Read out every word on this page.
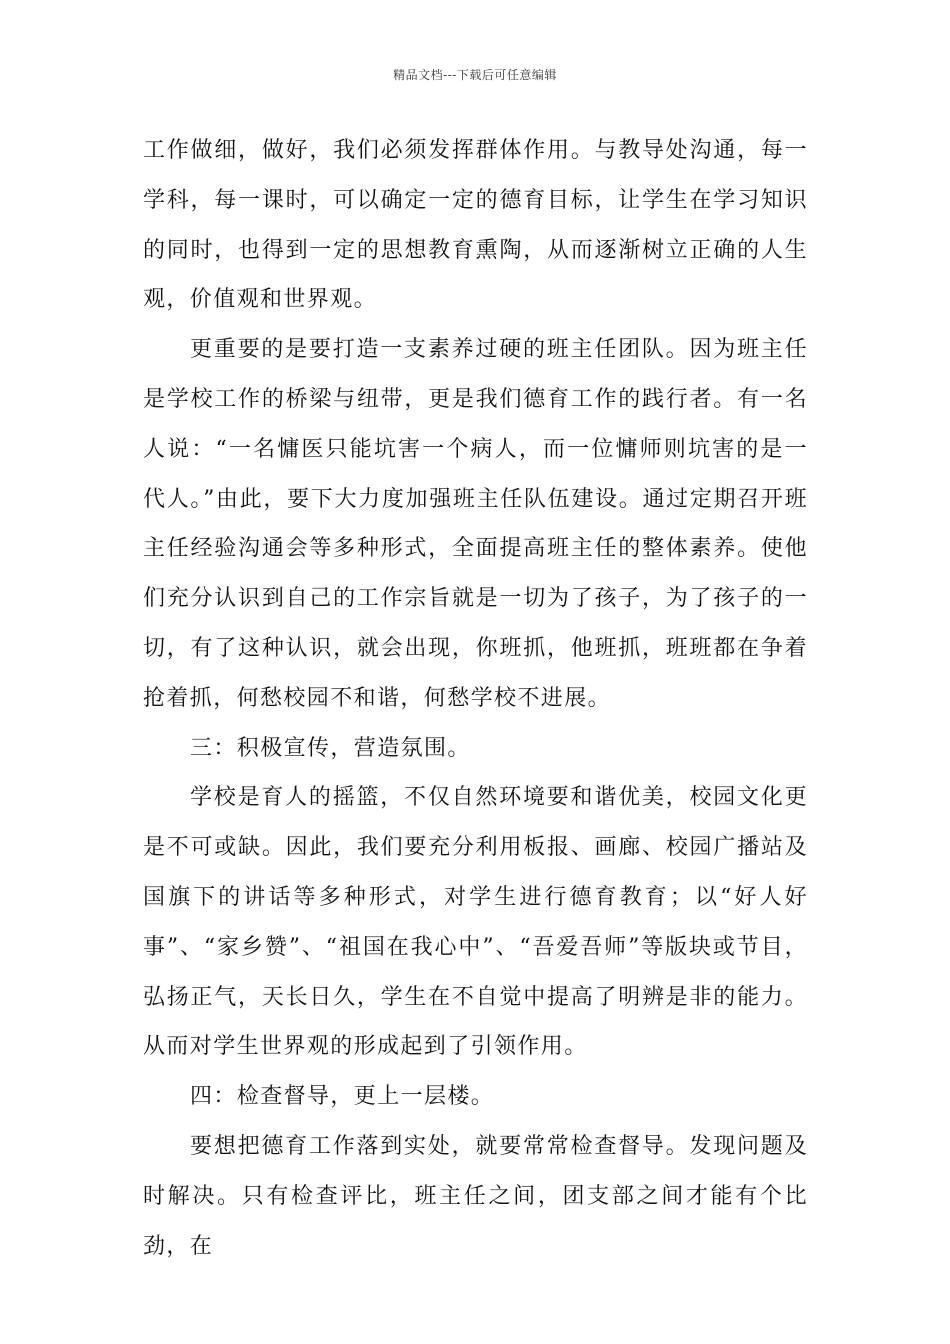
精品文档---下载后可任意编辑

工作做细，做好，我们必须发挥群体作用。与教导处沟通，每一学科，每一课时，可以确定一定的德育目标，让学生在学习知识的同时，也得到一定的思想教育熏陶，从而逐渐树立正确的人生观，价值观和世界观。

更重要的是要打造一支素养过硬的班主任团队。因为班主任是学校工作的桥梁与纽带，更是我们德育工作的践行者。有一名人说：“一名慵医只能坑害一个病人，而一位慵师则坑害的是一代人。”由此，要下大力度加强班主任队伍建设。通过定期召开班主任经验沟通会等多种形式，全面提高班主任的整体素养。使他们充分认识到自己的工作宗旨就是一切为了孩子，为了孩子的一切，有了这种认识，就会出现，你班抓，他班抓，班班都在争着抢着抓，何愁校园不和谐，何愁学校不进展。

三：积极宣传，营造氛围。

学校是育人的摇篮，不仅自然环境要和谐优美，校园文化更是不可或缺。因此，我们要充分利用板报、画廊、校园广播站及国旗下的讲话等多种形式，对学生进行德育教育；以“好人好事”、“家乡赞”、“祖国在我心中”、“吾爱吾师”等版块或节目，弘扬正气，天长日久，学生在不自觉中提高了明辨是非的能力。从而对学生世界观的形成起到了引领作用。

四：检查督导，更上一层楼。

要想把德育工作落到实处，就要常常检查督导。发现问题及时解决。只有检查评比，班主任之间，团支部之间才能有个比劲，在
